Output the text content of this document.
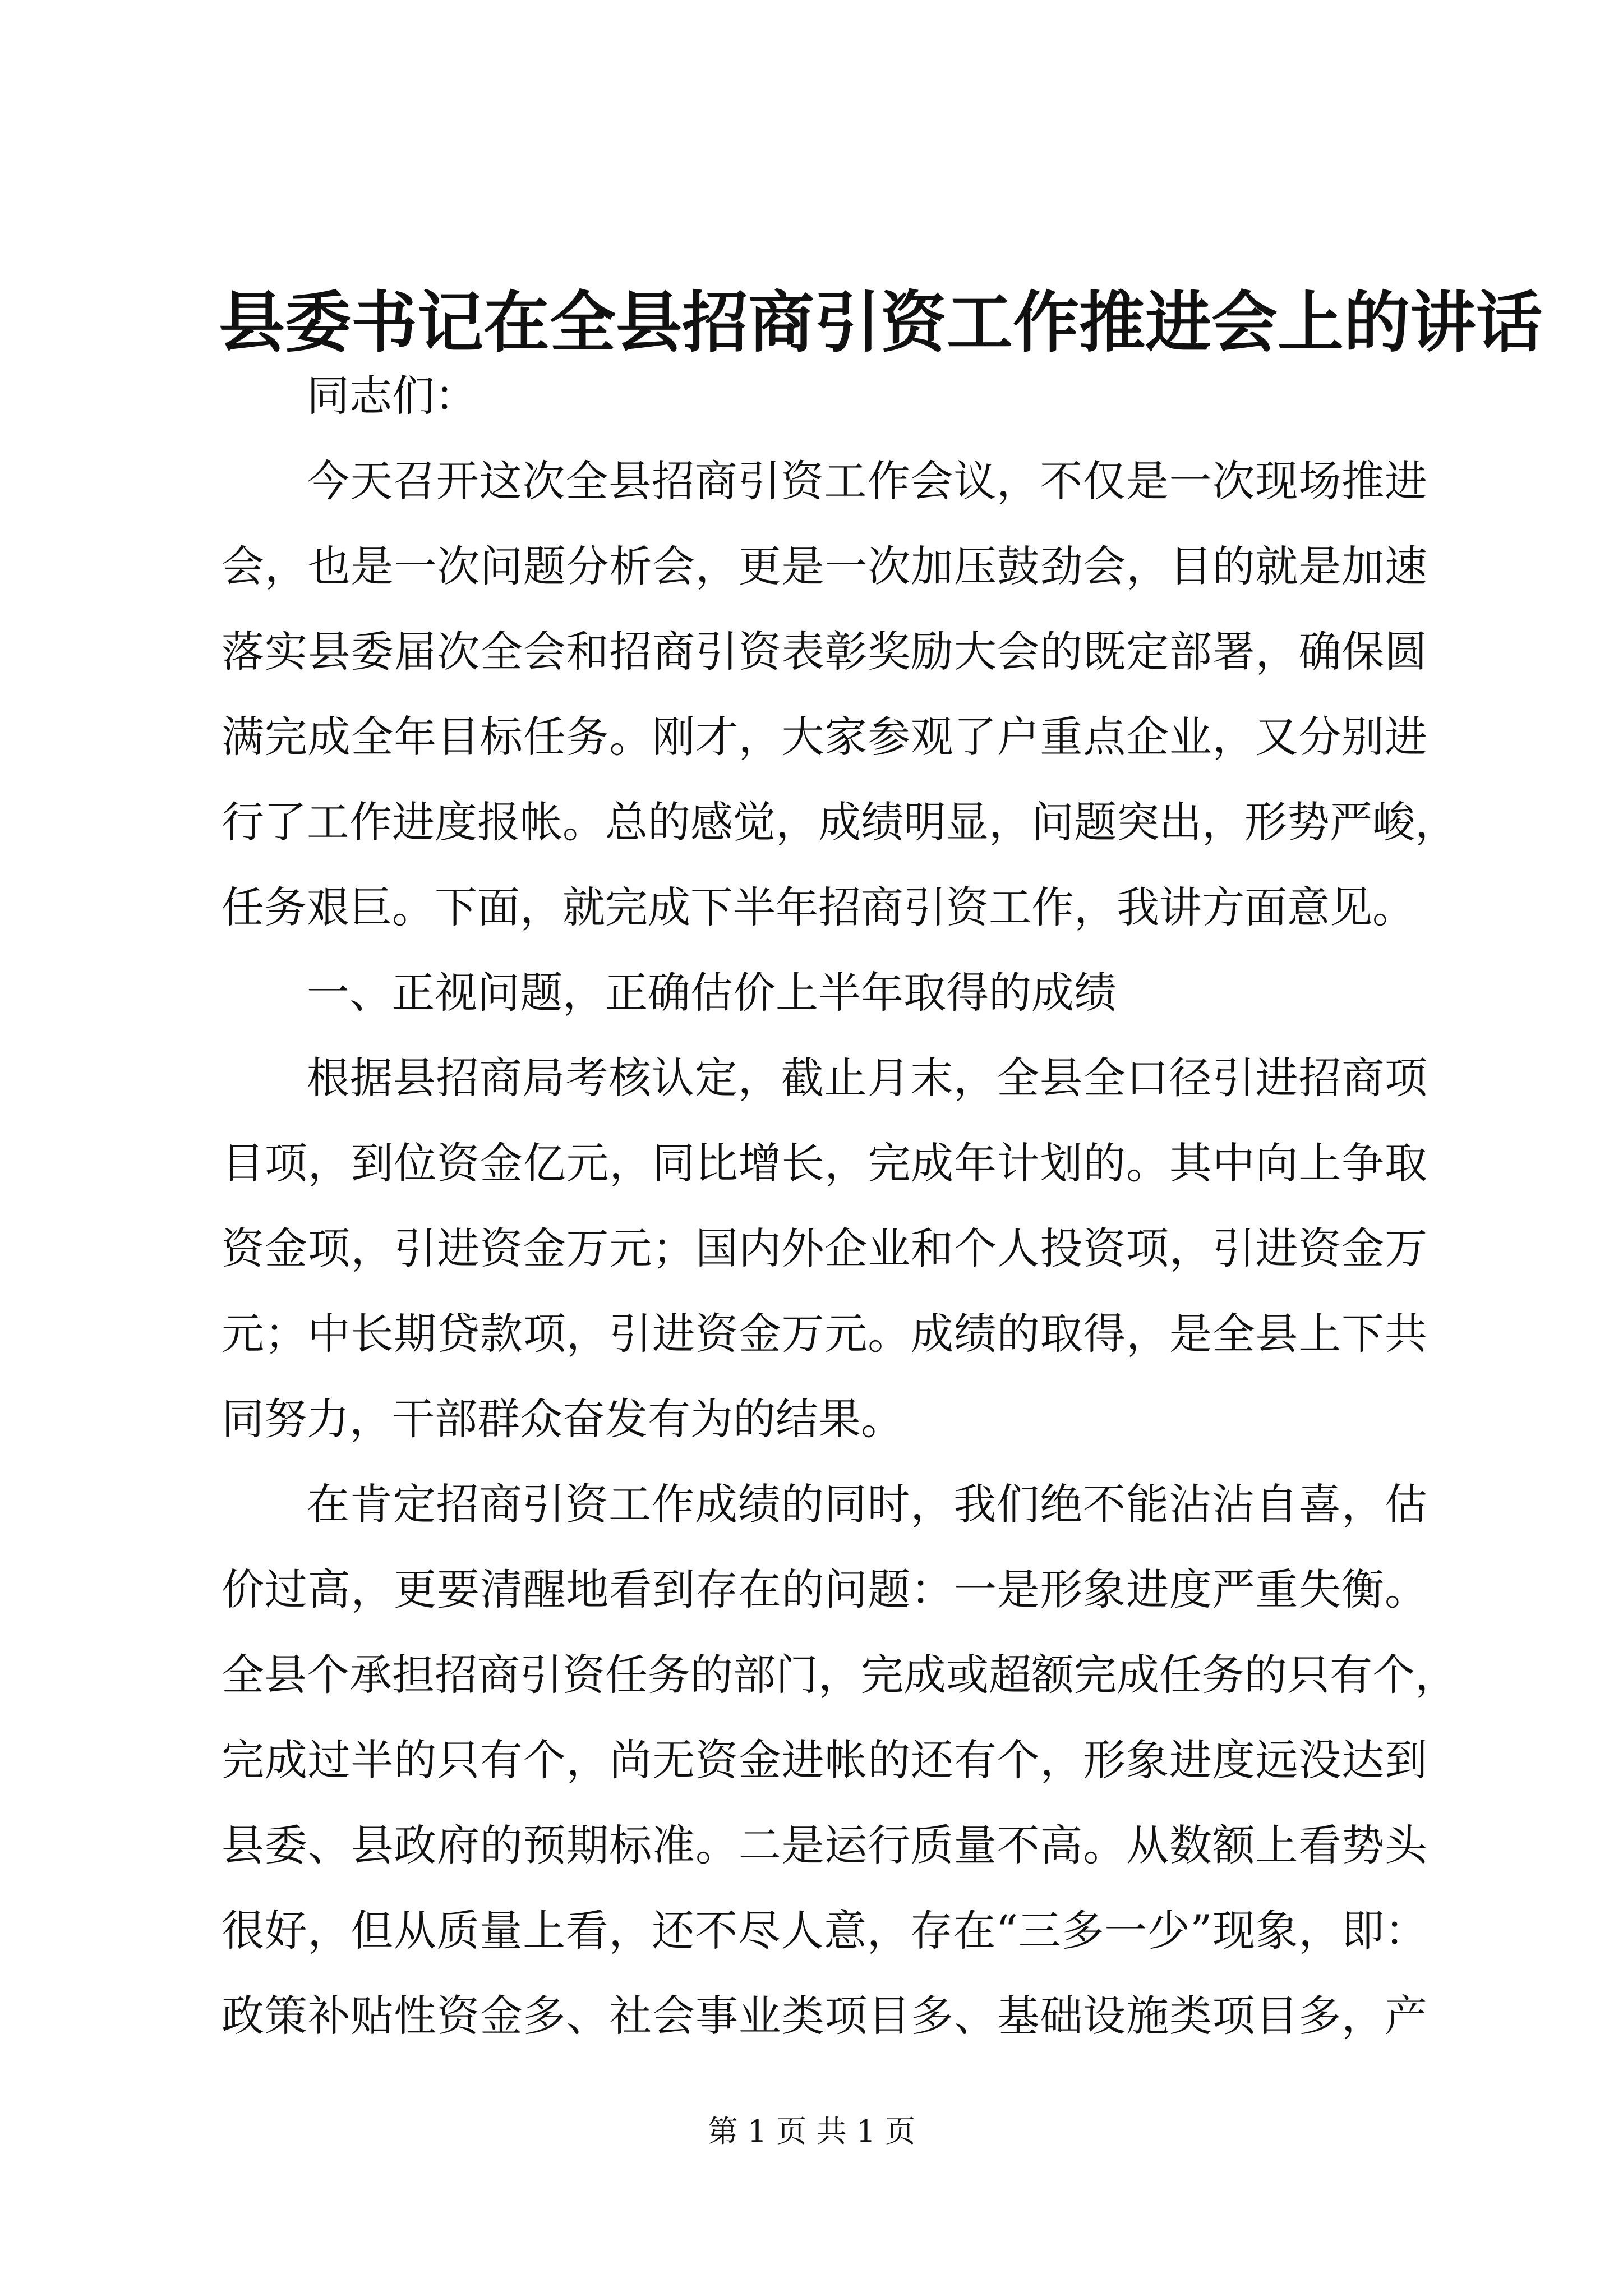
县委书记在全县招商引资工作推进会上的讲话
同志们：
今天召开这次全县招商引资工作会议，不仅是一次现场推进
会，也是一次问题分析会，更是一次加压鼓劲会，目的就是加速
落实县委届次全会和招商引资表彰奖励大会的既定部署，确保圆
满完成全年目标任务。刚才，大家参观了户重点企业，又分别进
行了工作进度报帐。总的感觉，成绩明显，问题突出，形势严峻，
任务艰巨。下面，就完成下半年招商引资工作，我讲方面意见。
一、正视问题，正确估价上半年取得的成绩
根据县招商局考核认定，截止月末，全县全口径引进招商项
目项，到位资金亿元，同比增长，完成年计划的。其中向上争取
资金项，引进资金万元；国内外企业和个人投资项，引进资金万
元；中长期贷款项，引进资金万元。成绩的取得，是全县上下共
同努力，干部群众奋发有为的结果。
在肯定招商引资工作成绩的同时，我们绝不能沾沾自喜，估
价过高，更要清醒地看到存在的问题：一是形象进度严重失衡。
全县个承担招商引资任务的部门，完成或超额完成任务的只有个，
完成过半的只有个，尚无资金进帐的还有个，形象进度远没达到
县委、县政府的预期标准。二是运行质量不高。从数额上看势头
很好，但从质量上看，还不尽人意，存在“三多一少”现象，即：
政策补贴性资金多、社会事业类项目多、基础设施类项目多，产
第 1 页 共 1 页
